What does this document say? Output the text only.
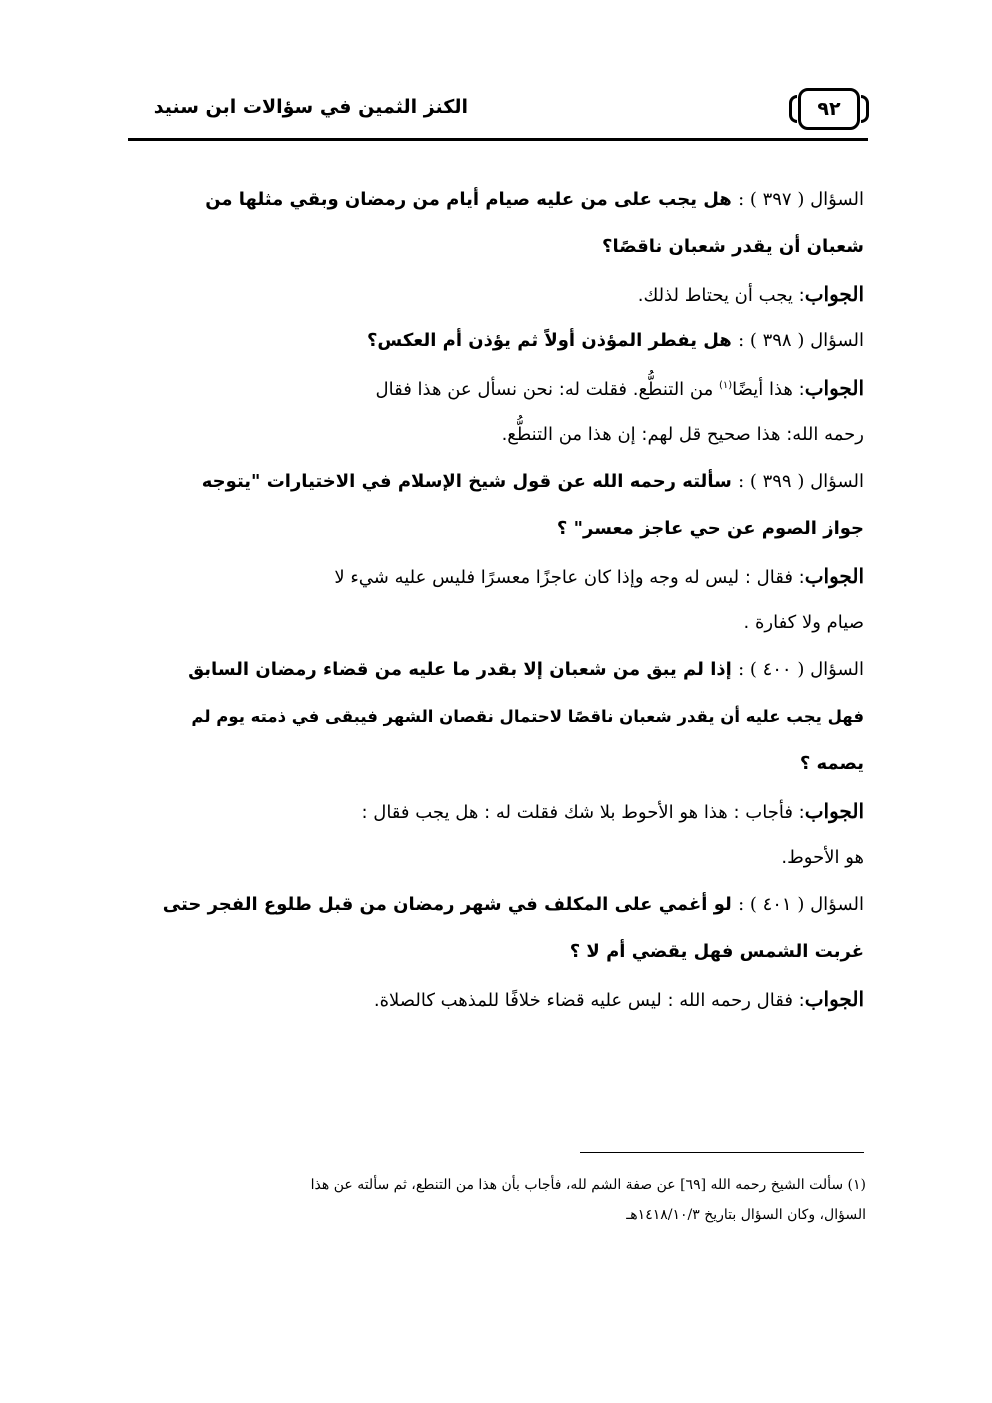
٩٢
الكنز الثمين في سؤالات ابن سنيد
السؤال ( ٣٩٧ ) : هل يجب على من عليه صيام أيام من رمضان وبقي مثلها من
شعبان أن يقدر شعبان ناقصًا؟
الجواب: يجب أن يحتاط لذلك.
السؤال ( ٣٩٨ ) : هل يفطر المؤذن أولاً ثم يؤذن أم العكس؟
الجواب: هذا أيضًا$^{(١)}$ من التنطُّع. فقلت له: نحن نسأل عن هذا فقال
رحمه الله: هذا صحيح قل لهم: إن هذا من التنطُّع.
السؤال ( ٣٩٩ ) : سألته رحمه الله عن قول شيخ الإسلام في الاختيارات "يتوجه
جواز الصوم عن حي عاجز معسر" ؟
الجواب: فقال : ليس له وجه وإذا كان عاجزًا معسرًا فليس عليه شيء لا
صيام ولا كفارة .
السؤال ( ٤٠٠ ) : إذا لم يبق من شعبان إلا بقدر ما عليه من قضاء رمضان السابق
فهل يجب عليه أن يقدر شعبان ناقصًا لاحتمال نقصان الشهر فيبقى في ذمته يوم لم
يصمه ؟
الجواب: فأجاب : هذا هو الأحوط بلا شك فقلت له : هل يجب فقال :
هو الأحوط.
السؤال ( ٤٠١ ) : لو أغمي على المكلف في شهر رمضان من قبل طلوع الفجر حتى
غربت الشمس فهل يقضي أم لا ؟
الجواب: فقال رحمه الله : ليس عليه قضاء خلافًا للمذهب كالصلاة.
(١) سألت الشيخ رحمه الله [٦٩] عن صفة الشم لله، فأجاب بأن هذا من التنطع، ثم سألته عن هذا
السؤال، وكان السؤال بتاريخ ١٤١٨/١٠/٣هـ
